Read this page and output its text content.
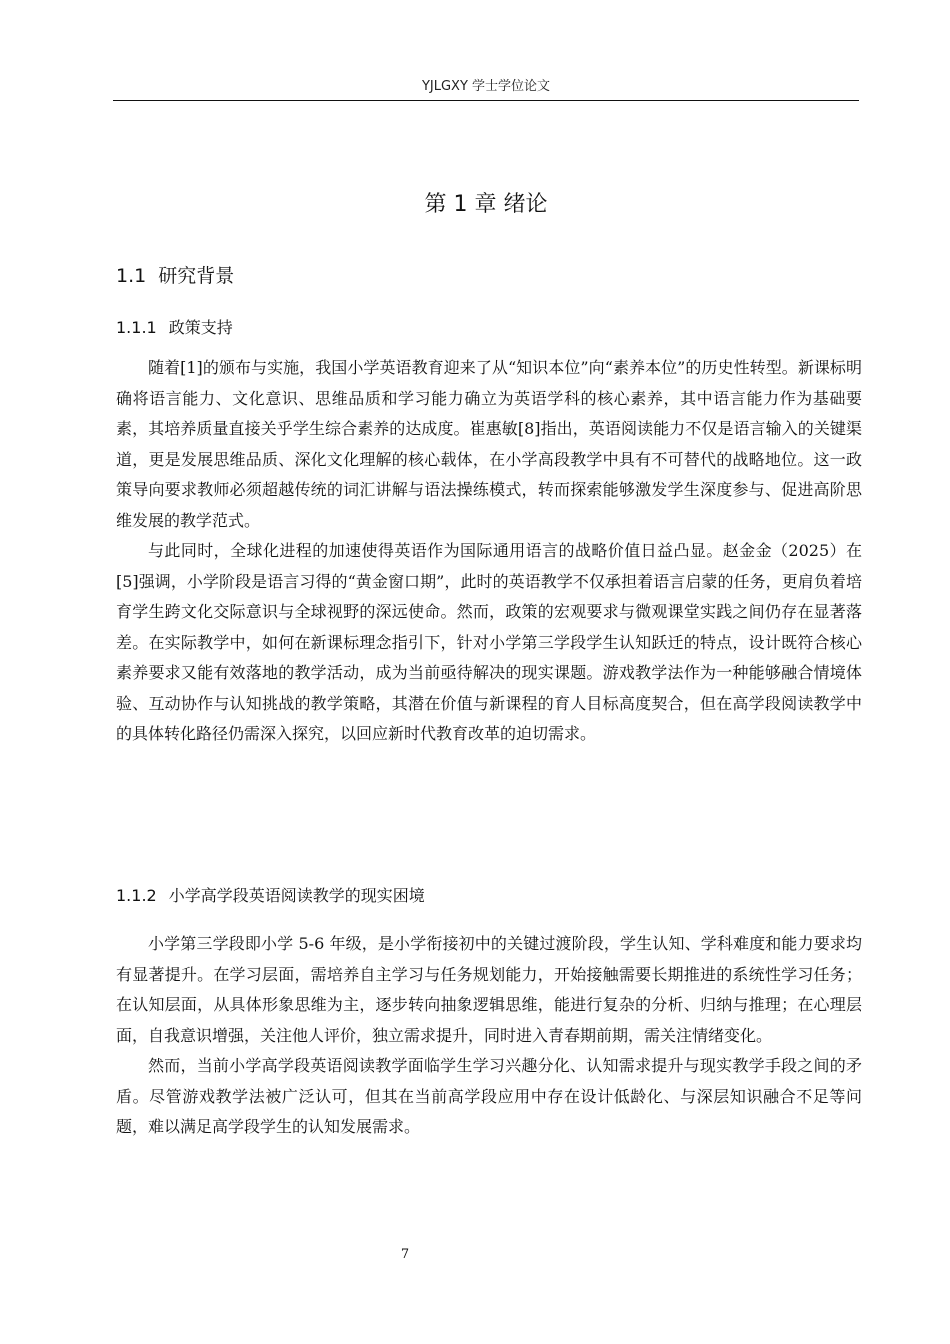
YJLGXY 学士学位论文
第 1 章 绪论
1.1 研究背景
1.1.1 政策支持

随着[1]的颁布与实施，我国小学英语教育迎来了从“知识本位”向“素养本位”的历史性转型。新课标明确将语言能力、文化意识、思维品质和学习能力确立为英语学科的核心素养，其中语言能力作为基础要素，其培养质量直接关乎学生综合素养的达成度。崔惠敏[8]指出，英语阅读能力不仅是语言输入的关键渠道，更是发展思维品质、深化文化理解的核心载体，在小学高段教学中具有不可替代的战略地位。这一政策导向要求教师必须超越传统的词汇讲解与语法操练模式，转而探索能够激发学生深度参与、促进高阶思维发展的教学范式。

与此同时，全球化进程的加速使得英语作为国际通用语言的战略价值日益凸显。赵金金（2025）在[5]强调，小学阶段是语言习得的“黄金窗口期”，此时的英语教学不仅承担着语言启蒙的任务，更肩负着培育学生跨文化交际意识与全球视野的深远使命。然而，政策的宏观要求与微观课堂实践之间仍存在显著落差。在实际教学中，如何在新课标理念指引下，针对小学第三学段学生认知跃迁的特点，设计既符合核心素养要求又能有效落地的教学活动，成为当前亟待解决的现实课题。游戏教学法作为一种能够融合情境体验、互动协作与认知挑战的教学策略，其潜在价值与新课程的育人目标高度契合，但在高学段阅读教学中的具体转化路径仍需深入探究，以回应新时代教育改革的迫切需求。

1.1.2 小学高学段英语阅读教学的现实困境

小学第三学段即小学 5-6 年级，是小学衔接初中的关键过渡阶段，学生认知、学科难度和能力要求均有显著提升。在学习层面，需培养自主学习与任务规划能力，开始接触需要长期推进的系统性学习任务；在认知层面，从具体形象思维为主，逐步转向抽象逻辑思维，能进行复杂的分析、归纳与推理；在心理层面，自我意识增强，关注他人评价，独立需求提升，同时进入青春期前期，需关注情绪变化。

然而，当前小学高学段英语阅读教学面临学生学习兴趣分化、认知需求提升与现实教学手段之间的矛盾。尽管游戏教学法被广泛认可，但其在当前高学段应用中存在设计低龄化、与深层知识融合不足等问题，难以满足高学段学生的认知发展需求。

7
